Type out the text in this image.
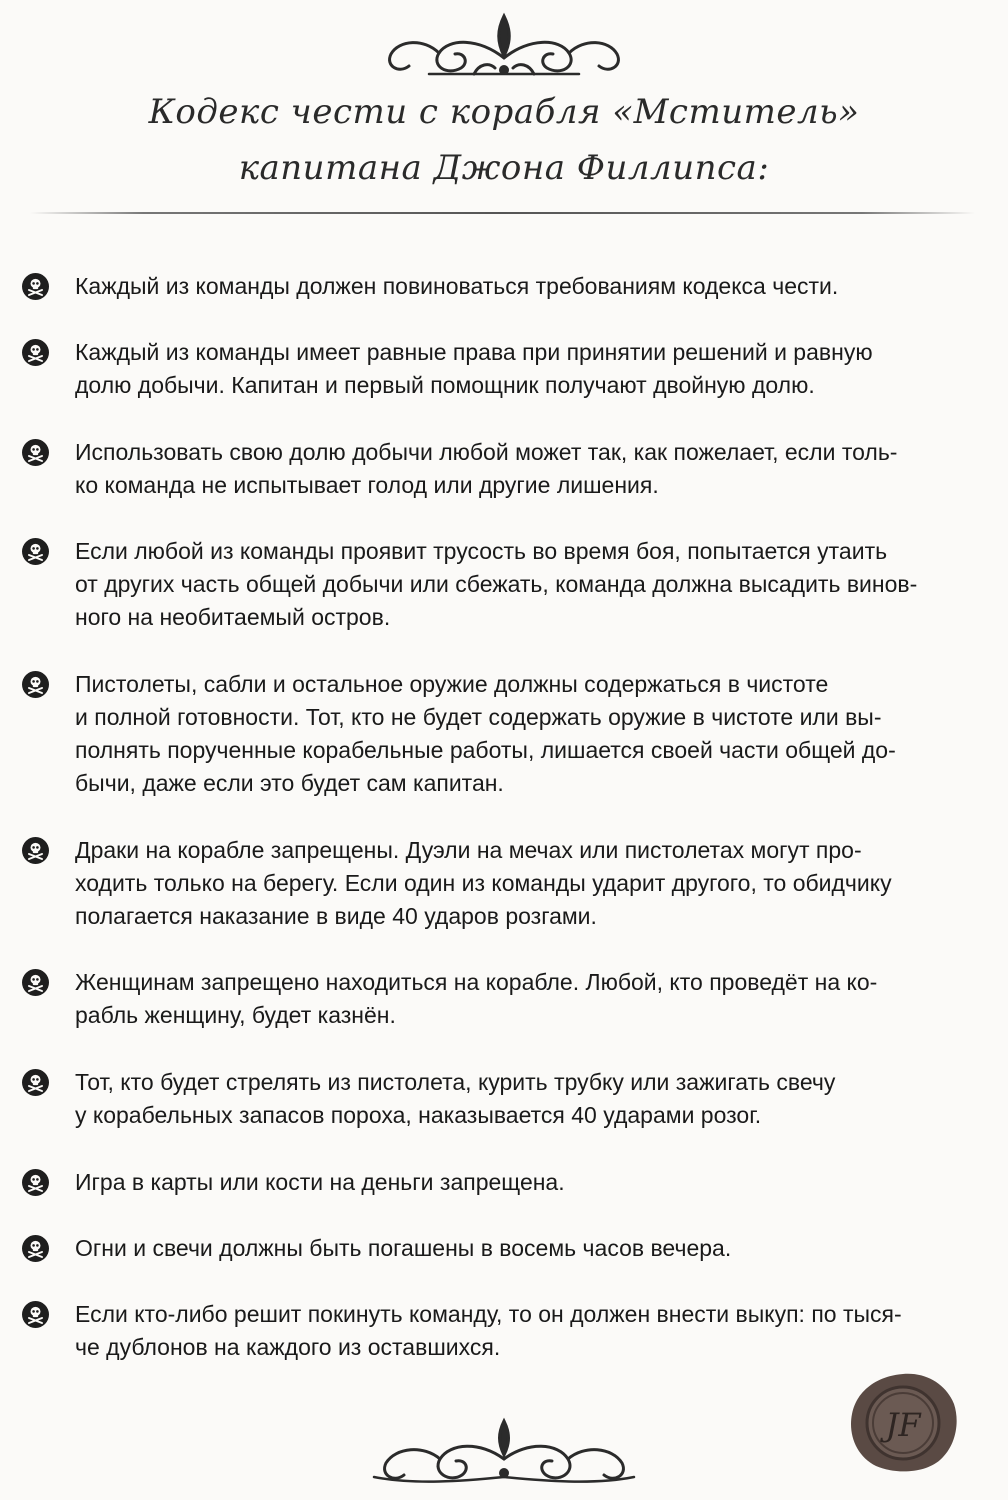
Кодекс чести с корабля «Мститель»
капитана Джона Филлипса:
Каждый из команды должен повиноваться требованиям кодекса чести.
Каждый из команды имеет равные права при принятии решений и равную
долю добычи. Капитан и первый помощник получают двойную долю.
Использовать свою долю добычи любой может так, как пожелает, если толь-
ко команда не испытывает голод или другие лишения.
Если любой из команды проявит трусость во время боя, попытается утаить
от других часть общей добычи или сбежать, команда должна высадить винов-
ного на необитаемый остров.
Пистолеты, сабли и остальное оружие должны содержаться в чистоте
и полной готовности. Тот, кто не будет содержать оружие в чистоте или вы-
полнять порученные корабельные работы, лишается своей части общей до-
бычи, даже если это будет сам капитан.
Драки на корабле запрещены. Дуэли на мечах или пистолетах могут про-
ходить только на берегу. Если один из команды ударит другого, то обидчику
полагается наказание в виде 40 ударов розгами.
Женщинам запрещено находиться на корабле. Любой, кто проведёт на ко-
рабль женщину, будет казнён.
Тот, кто будет стрелять из пистолета, курить трубку или зажигать свечу
у корабельных запасов пороха, наказывается 40 ударами розог.
Игра в карты или кости на деньги запрещена.
Огни и свечи должны быть погашены в восемь часов вечера.
Если кто-либо решит покинуть команду, то он должен внести выкуп: по тыся-
че дублонов на каждого из оставшихся.
JF
